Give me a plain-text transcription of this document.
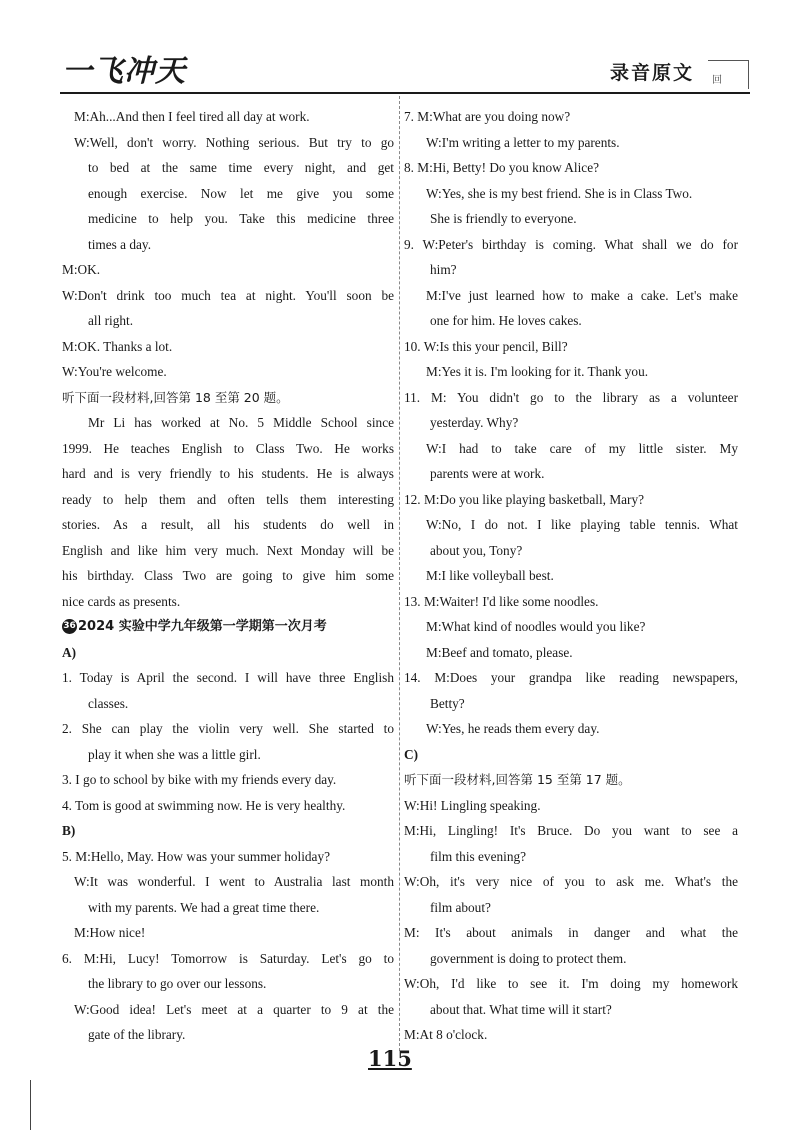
一飞冲天	录音原文 回
M:Ah...And then I feel tired all day at work.
W:Well, don't worry. Nothing serious. But try to go
to bed at the same time every night, and get
enough exercise. Now let me give you some
medicine to help you. Take this medicine three
times a day.
M:OK.
W:Don't drink too much tea at night. You'll soon be
all right.
M:OK. Thanks a lot.
W:You're welcome.
听下面一段材料,回答第 18 至第 20 题。
Mr Li has worked at No. 5 Middle School since
1999. He teaches English to Class Two. He works
hard and is very friendly to his students. He is always
ready to help them and often tells them interesting
stories. As a result, all his students do well in
English and like him very much. Next Monday will be
his birthday. Class Two are going to give him some
nice cards as presents.
36 2024 实验中学九年级第一学期第一次月考
A)
1. Today is April the second. I will have three English
classes.
2. She can play the violin very well. She started to
play it when she was a little girl.
3. I go to school by bike with my friends every day.
4. Tom is good at swimming now. He is very healthy.
B)
5. M:Hello, May. How was your summer holiday?
W:It was wonderful. I went to Australia last month
with my parents. We had a great time there.
M:How nice!
6. M:Hi, Lucy! Tomorrow is Saturday. Let's go to
the library to go over our lessons.
W:Good idea! Let's meet at a quarter to 9 at the
gate of the library.
7. M:What are you doing now?
W:I'm writing a letter to my parents.
8. M:Hi, Betty! Do you know Alice?
W:Yes, she is my best friend. She is in Class Two.
She is friendly to everyone.
9. W:Peter's birthday is coming. What shall we do for
him?
M:I've just learned how to make a cake. Let's make
one for him. He loves cakes.
10. W:Is this your pencil, Bill?
M:Yes it is. I'm looking for it. Thank you.
11. M: You didn't go to the library as a volunteer
yesterday. Why?
W:I had to take care of my little sister. My
parents were at work.
12. M:Do you like playing basketball, Mary?
W:No, I do not. I like playing table tennis. What
about you, Tony?
M:I like volleyball best.
13. M:Waiter! I'd like some noodles.
M:What kind of noodles would you like?
M:Beef and tomato, please.
14. M:Does your grandpa like reading newspapers,
Betty?
W:Yes, he reads them every day.
C)
听下面一段材料,回答第 15 至第 17 题。
W:Hi! Lingling speaking.
M:Hi, Lingling! It's Bruce. Do you want to see a
film this evening?
W:Oh, it's very nice of you to ask me. What's the
film about?
M: It's about animals in danger and what the
government is doing to protect them.
W:Oh, I'd like to see it. I'm doing my homework
about that. What time will it start?
M:At 8 o'clock.
115
